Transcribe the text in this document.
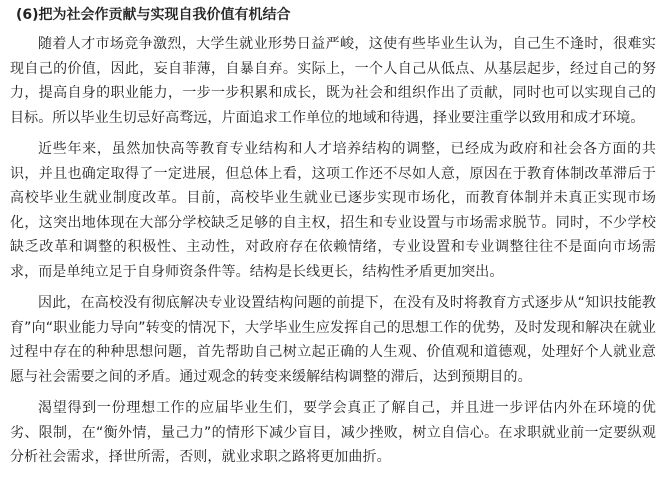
(6)把为社会作贡献与实现自我价值有机结合

随着人才市场竞争激烈，大学生就业形势日益严峻，这使有些毕业生认为，自己生不逢时，很难实现自己的价值，因此，妄自菲薄，自暴自弃。实际上，一个人自己从低点、从基层起步，经过自己的努力，提高自身的职业能力，一步一步积累和成长，既为社会和组织作出了贡献，同时也可以实现自己的目标。所以毕业生切忌好高骛远，片面追求工作单位的地域和待遇，择业要注重学以致用和成才环境。

近些年来，虽然加快高等教育专业结构和人才培养结构的调整，已经成为政府和社会各方面的共识，并且也确定取得了一定进展，但总体上看，这项工作还不尽如人意，原因在于教育体制改革滞后于高校毕业生就业制度改革。目前，高校毕业生就业已逐步实现市场化，而教育体制并未真正实现市场化，这突出地体现在大部分学校缺乏足够的自主权，招生和专业设置与市场需求脱节。同时，不少学校缺乏改革和调整的积极性、主动性，对政府存在依赖情绪，专业设置和专业调整往往不是面向市场需求，而是单纯立足于自身师资条件等。结构是长线更长，结构性矛盾更加突出。

因此，在高校没有彻底解决专业设置结构问题的前提下，在没有及时将教育方式逐步从“知识技能教育”向“职业能力导向”转变的情况下，大学毕业生应发挥自己的思想工作的优势，及时发现和解决在就业过程中存在的种种思想问题，首先帮助自己树立起正确的人生观、价值观和道德观，处理好个人就业意愿与社会需要之间的矛盾。通过观念的转变来缓解结构调整的滞后，达到预期目的。

渴望得到一份理想工作的应届毕业生们，要学会真正了解自己，并且进一步评估内外在环境的优劣、限制，在“衡外情，量己力”的情形下减少盲目，减少挫败，树立自信心。在求职就业前一定要纵观分析社会需求，择世所需，否则，就业求职之路将更加曲折。
